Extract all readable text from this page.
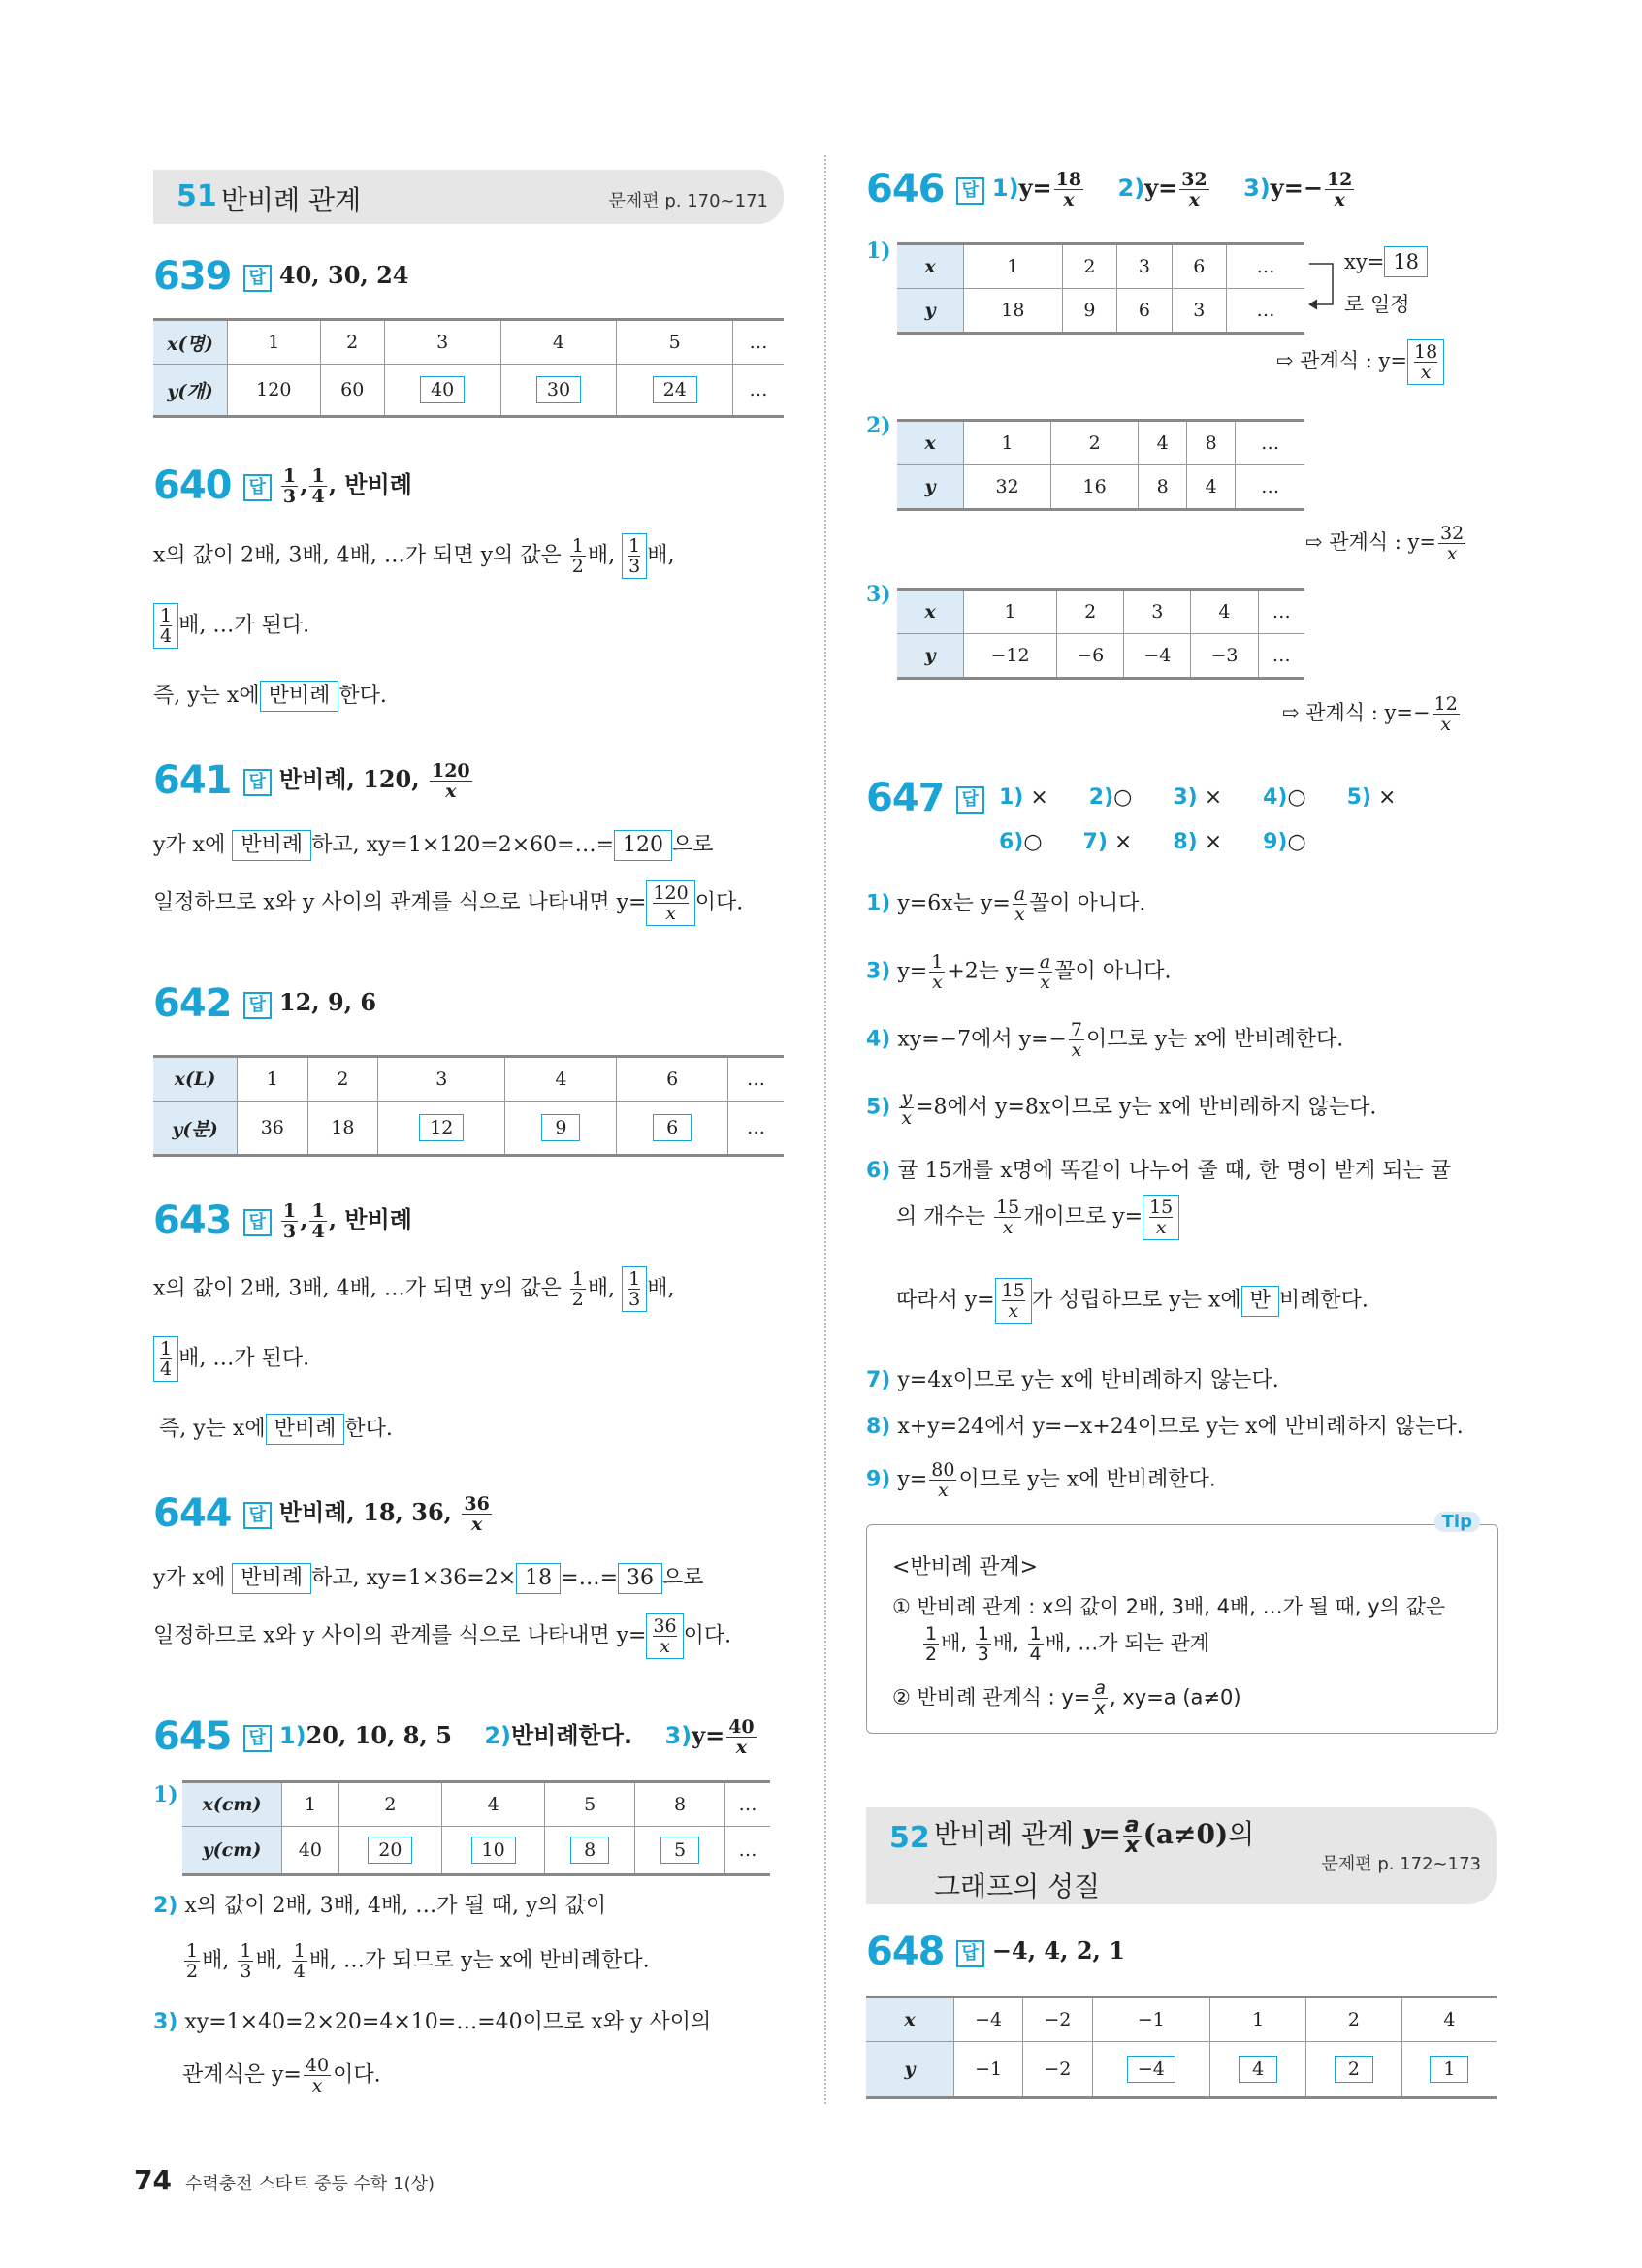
51 반비례 관계	문제편 p. 170~171
639 답 40, 30, 24
x(명)	1	2	3	4	5	…
y(개)	120	60	40	30	24	…
640 답 $\frac{1}{3}$ , $\frac{1}{4}$ , 반비례
x의 값이 2배, 3배, 4배, …가 되면 y의 값은 $\frac{1}{2}$ 배, $\frac{1}{3}$배,
$\frac{1}{4}$배, …가 된다.
즉, y는 x에 반비례 한다.
641 답 반비례, 120, $\frac{120}{x}$
y가 x에 반비례 하고, xy=1×120=2×60=…= 120 으로
일정하므로 x와 y 사이의 관계를 식으로 나타내면 $y= \frac{120}{x}$이다.
642 답 12, 9, 6
x(L)	1	2	3	4	6	…
y(분)	36	18	12	9	6	…
643 답 $\frac{1}{3}$ , $\frac{1}{4}$ , 반비례
x의 값이 2배, 3배, 4배, …가 되면 y의 값은 $\frac{1}{2}$ 배, $\frac{1}{3}$배,
$\frac{1}{4}$배, …가 된다.
즉, y는 x에 반비례 한다.
644 답 반비례, 18, 36, $\frac{36}{x}$
y가 x에 반비례 하고, xy=1×36=2× 18 =…= 36 으로
일정하므로 x와 y 사이의 관계를 식으로 나타내면 $y= \frac{36}{x}$이다.
645 답 1)20, 10, 8, 5 2)반비례한다. $3)y= \frac{40}{x}$
1) x(cm)	1	2	4	5	8	…
y(cm)	40	20	10	8	5	…
2) x의 값이 2배, 3배, 4배, …가 될 때, y의 값이
$\frac{1}{2}$ 배, $\frac{1}{3}$ 배, $\frac{1}{4}$ 배, …가 되므로 y는 x에 반비례한다.
3) xy=1×40=2×20=4×10=…=40이므로 x와 y 사이의
관계식은 $y= \frac{40}{x}$ 이다.
646 답 $1)y= \frac{18}{x} 2)y= \frac{32}{x} 3)y=- \frac{12}{x}$
1)
x	1	2	3	6	…
y	18	9	6	3	…
xy= 18
로 일정
⇨ 관계식 : $y= \frac{18}{x}$
2)
x	1	2	4	8	…
y	32	16	8	4	…
⇨ 관계식 : $y= \frac{32}{x}$
3)
x	1	2	3	4	…
y	−12	−6	−4	−3	…
⇨ 관계식 : $y=- \frac{12}{x}$
647 답 1) × 2)○ 3) × 4)○ 5) ×
6)○ 7) × 8) × 9)○
1) y=6x는 $y= \frac{a}{x}$ 꼴이 아니다.
3) $y= \frac{1}{x} +2$는 $y= \frac{a}{x}$ 꼴이 아니다.
4) xy=−7에서 $y=- \frac{7}{x}$ 이므로 y는 x에 반비례한다.
$5) \frac{y}{x} =8$에서 y=8x이므로 y는 x에 반비례하지 않는다.
6) 귤 15개를 x명에 똑같이 나누어 줄 때, 한 명이 받게 되는 귤
의 개수는 $\frac{15}{x}$ 개이므로 $y= \frac{15}{x}$
따라서 $y= \frac{15}{x}$가 성립하므로 y는 x에 반 비례한다.
7) y=4x이므로 y는 x에 반비례하지 않는다.
8) x+y=24에서 y=−x+24이므로 y는 x에 반비례하지 않는다.
9) $y= \frac{80}{x}$ 이므로 y는 x에 반비례한다.
Tip
<반비례 관계>
① 반비례 관계 : x의 값이 2배, 3배, 4배, …가 될 때, y의 값은
$\frac{1}{2}$ 배, $\frac{1}{3}$ 배, $\frac{1}{4}$ 배, …가 되는 관계
② 반비례 관계식 : $y= \frac{a}{x}$ , xy=a (a≠0)
52 반비례 관계 $y= \frac{a}{x} (a\ne 0)$의
그래프의 성질
문제편 p. 172~173
648 답 −4, 4, 2, 1
x	−4	−2	−1	1	2	4
y	−1	−2	−4	4	2	1
74 수력충전 스타트 중등 수학 1(상)
